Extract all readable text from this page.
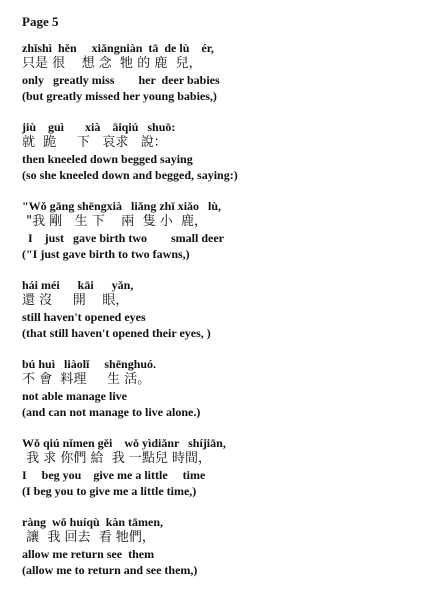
Page 5
zhǐshì  hěn     xiǎngniàn  tā  de lù    ér,
只是 很    想 念  牠 的 鹿  兒，
only   greatly miss        her  deer babies
(but greatly missed her young babies,)
jiù    guì       xià    āiqiú   shuō:
就  跪     下   哀求   說：
then kneeled down begged saying
(so she kneeled down and begged, saying:)
"Wǒ gāng shēngxià   liǎng zhī xiǎo   lù,
"我 剛   生 下    兩  隻 小  鹿，
I    just   gave birth two        small deer
("I just gave birth to two fawns,)
hái méi      kāi      yǎn,
還 沒     開    眼，
still haven't opened eyes
(that still haven't opened their eyes, )
bú huì   liàolǐ     shēnghuó.
不 會  料理     生 活。
not able manage live
(and can not manage to live alone.)
Wǒ qiú nǐmen gěi    wǒ yìdiǎnr   shíjiān,
我 求 你們 給  我 一點兒 時間，
I     beg you    give me a little     time
(I beg you to give me a little time,)
ràng  wǒ huíqù  kàn tāmen,
讓  我 回去  看 牠們，
allow me return see  them
(allow me to return and see them,)
